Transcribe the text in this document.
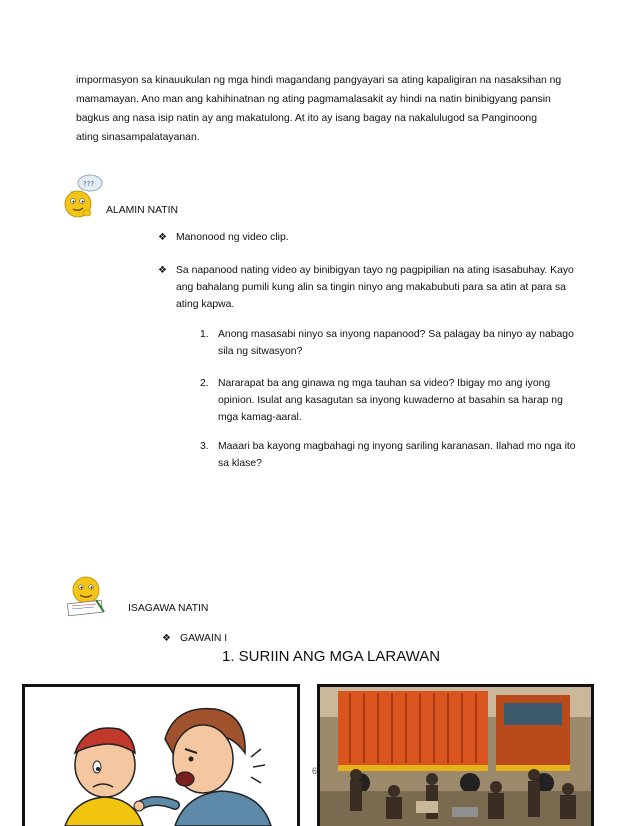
impormasyon sa kinauukulan ng mga hindi magandang pangyayari sa ating kapaligiran na nasaksihan ng
mamamayan. Ano man ang kahihinatnan ng ating pagmamalasakit ay hindi na natin binibigyang pansin
bagkus ang nasa isip natin ay ang makatulong. At ito ay isang bagay na nakalulugod sa Panginoong
ating sinasampalatayanan.

???

ALAMIN NATIN

❖ Manonood ng video clip.
❖ Sa napanood nating video ay binibigyan tayo ng pagpipilian na ating isasabuhay. Kayo ang bahalang pumili kung alin sa tingin ninyo ang makabubuti para sa atin at para sa ating kapwa.
1. Anong masasabi ninyo sa inyong napanood? Sa palagay ba ninyo ay nabago sila ng sitwasyon?
2. Nararapat ba ang ginawa ng mga tauhan sa video? Ibigay mo ang iyong opinion. Isulat ang kasagutan sa inyong kuwaderno at basahin sa harap ng mga kamag-aaral.
3. Maaari ba kayong magbahagi ng inyong sariling karanasan. Ilahad mo nga ito sa klase?

ISAGAWA NATIN

❖ GAWAIN I

1. SURIIN ANG MGA LARAWAN

6
